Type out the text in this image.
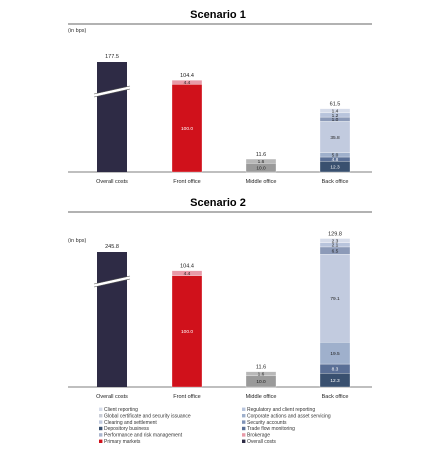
Scenario 1
(in bps)
177.5
Overall costs
100.0
4.4
104.4
Front office
10.0
1.6
11.6
Middle office
12.3
4.8
5.0
35.8
1.0
1.2
1.4
61.5
Back office
Scenario 2
(in bps)
245.8
Overall costs
100.0
4.4
104.4
Front office
10.0
1.6
11.6
Middle office
12.3
8.3
19.5
79.1
6.5
2.1
2.3
129.8
Back office
Client reporting	Regulatory and client reporting
Global certificate and security issuance	Corporate actions and asset servicing
Clearing and settlement	Security accounts
Depository business	Trade flow monitoring
Performance and risk management	Brokerage
Primary markets	Overall costs
